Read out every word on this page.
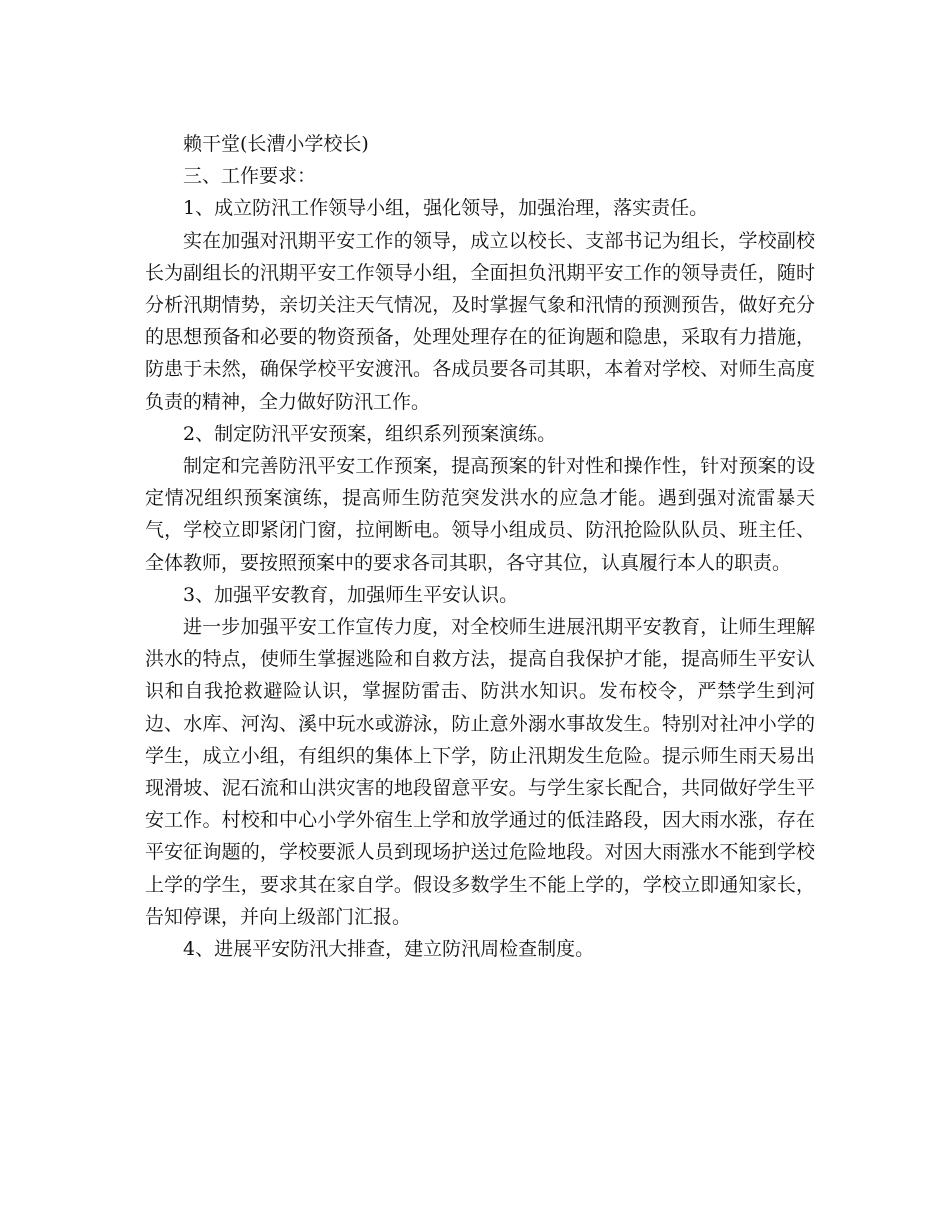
赖干堂(长漕小学校长)

三、工作要求：

1、成立防汛工作领导小组，强化领导，加强治理，落实责任。

实在加强对汛期平安工作的领导，成立以校长、支部书记为组长，学校副校长为副组长的汛期平安工作领导小组，全面担负汛期平安工作的领导责任，随时分析汛期情势，亲切关注天气情况，及时掌握气象和汛情的预测预告，做好充分的思想预备和必要的物资预备，处理处理存在的征询题和隐患，采取有力措施，防患于未然，确保学校平安渡汛。各成员要各司其职，本着对学校、对师生高度负责的精神，全力做好防汛工作。

2、制定防汛平安预案，组织系列预案演练。

制定和完善防汛平安工作预案，提高预案的针对性和操作性，针对预案的设定情况组织预案演练，提高师生防范突发洪水的应急才能。遇到强对流雷暴天气，学校立即紧闭门窗，拉闸断电。领导小组成员、防汛抢险队队员、班主任、全体教师，要按照预案中的要求各司其职，各守其位，认真履行本人的职责。

3、加强平安教育，加强师生平安认识。

进一步加强平安工作宣传力度，对全校师生进展汛期平安教育，让师生理解洪水的特点，使师生掌握逃险和自救方法，提高自我保护才能，提高师生平安认识和自我抢救避险认识，掌握防雷击、防洪水知识。发布校令，严禁学生到河边、水库、河沟、溪中玩水或游泳，防止意外溺水事故发生。特别对社冲小学的学生，成立小组，有组织的集体上下学，防止汛期发生危险。提示师生雨天易出现滑坡、泥石流和山洪灾害的地段留意平安。与学生家长配合，共同做好学生平安工作。村校和中心小学外宿生上学和放学通过的低洼路段，因大雨水涨，存在平安征询题的，学校要派人员到现场护送过危险地段。对因大雨涨水不能到学校上学的学生，要求其在家自学。假设多数学生不能上学的，学校立即通知家长，告知停课，并向上级部门汇报。

4、进展平安防汛大排查，建立防汛周检查制度。
